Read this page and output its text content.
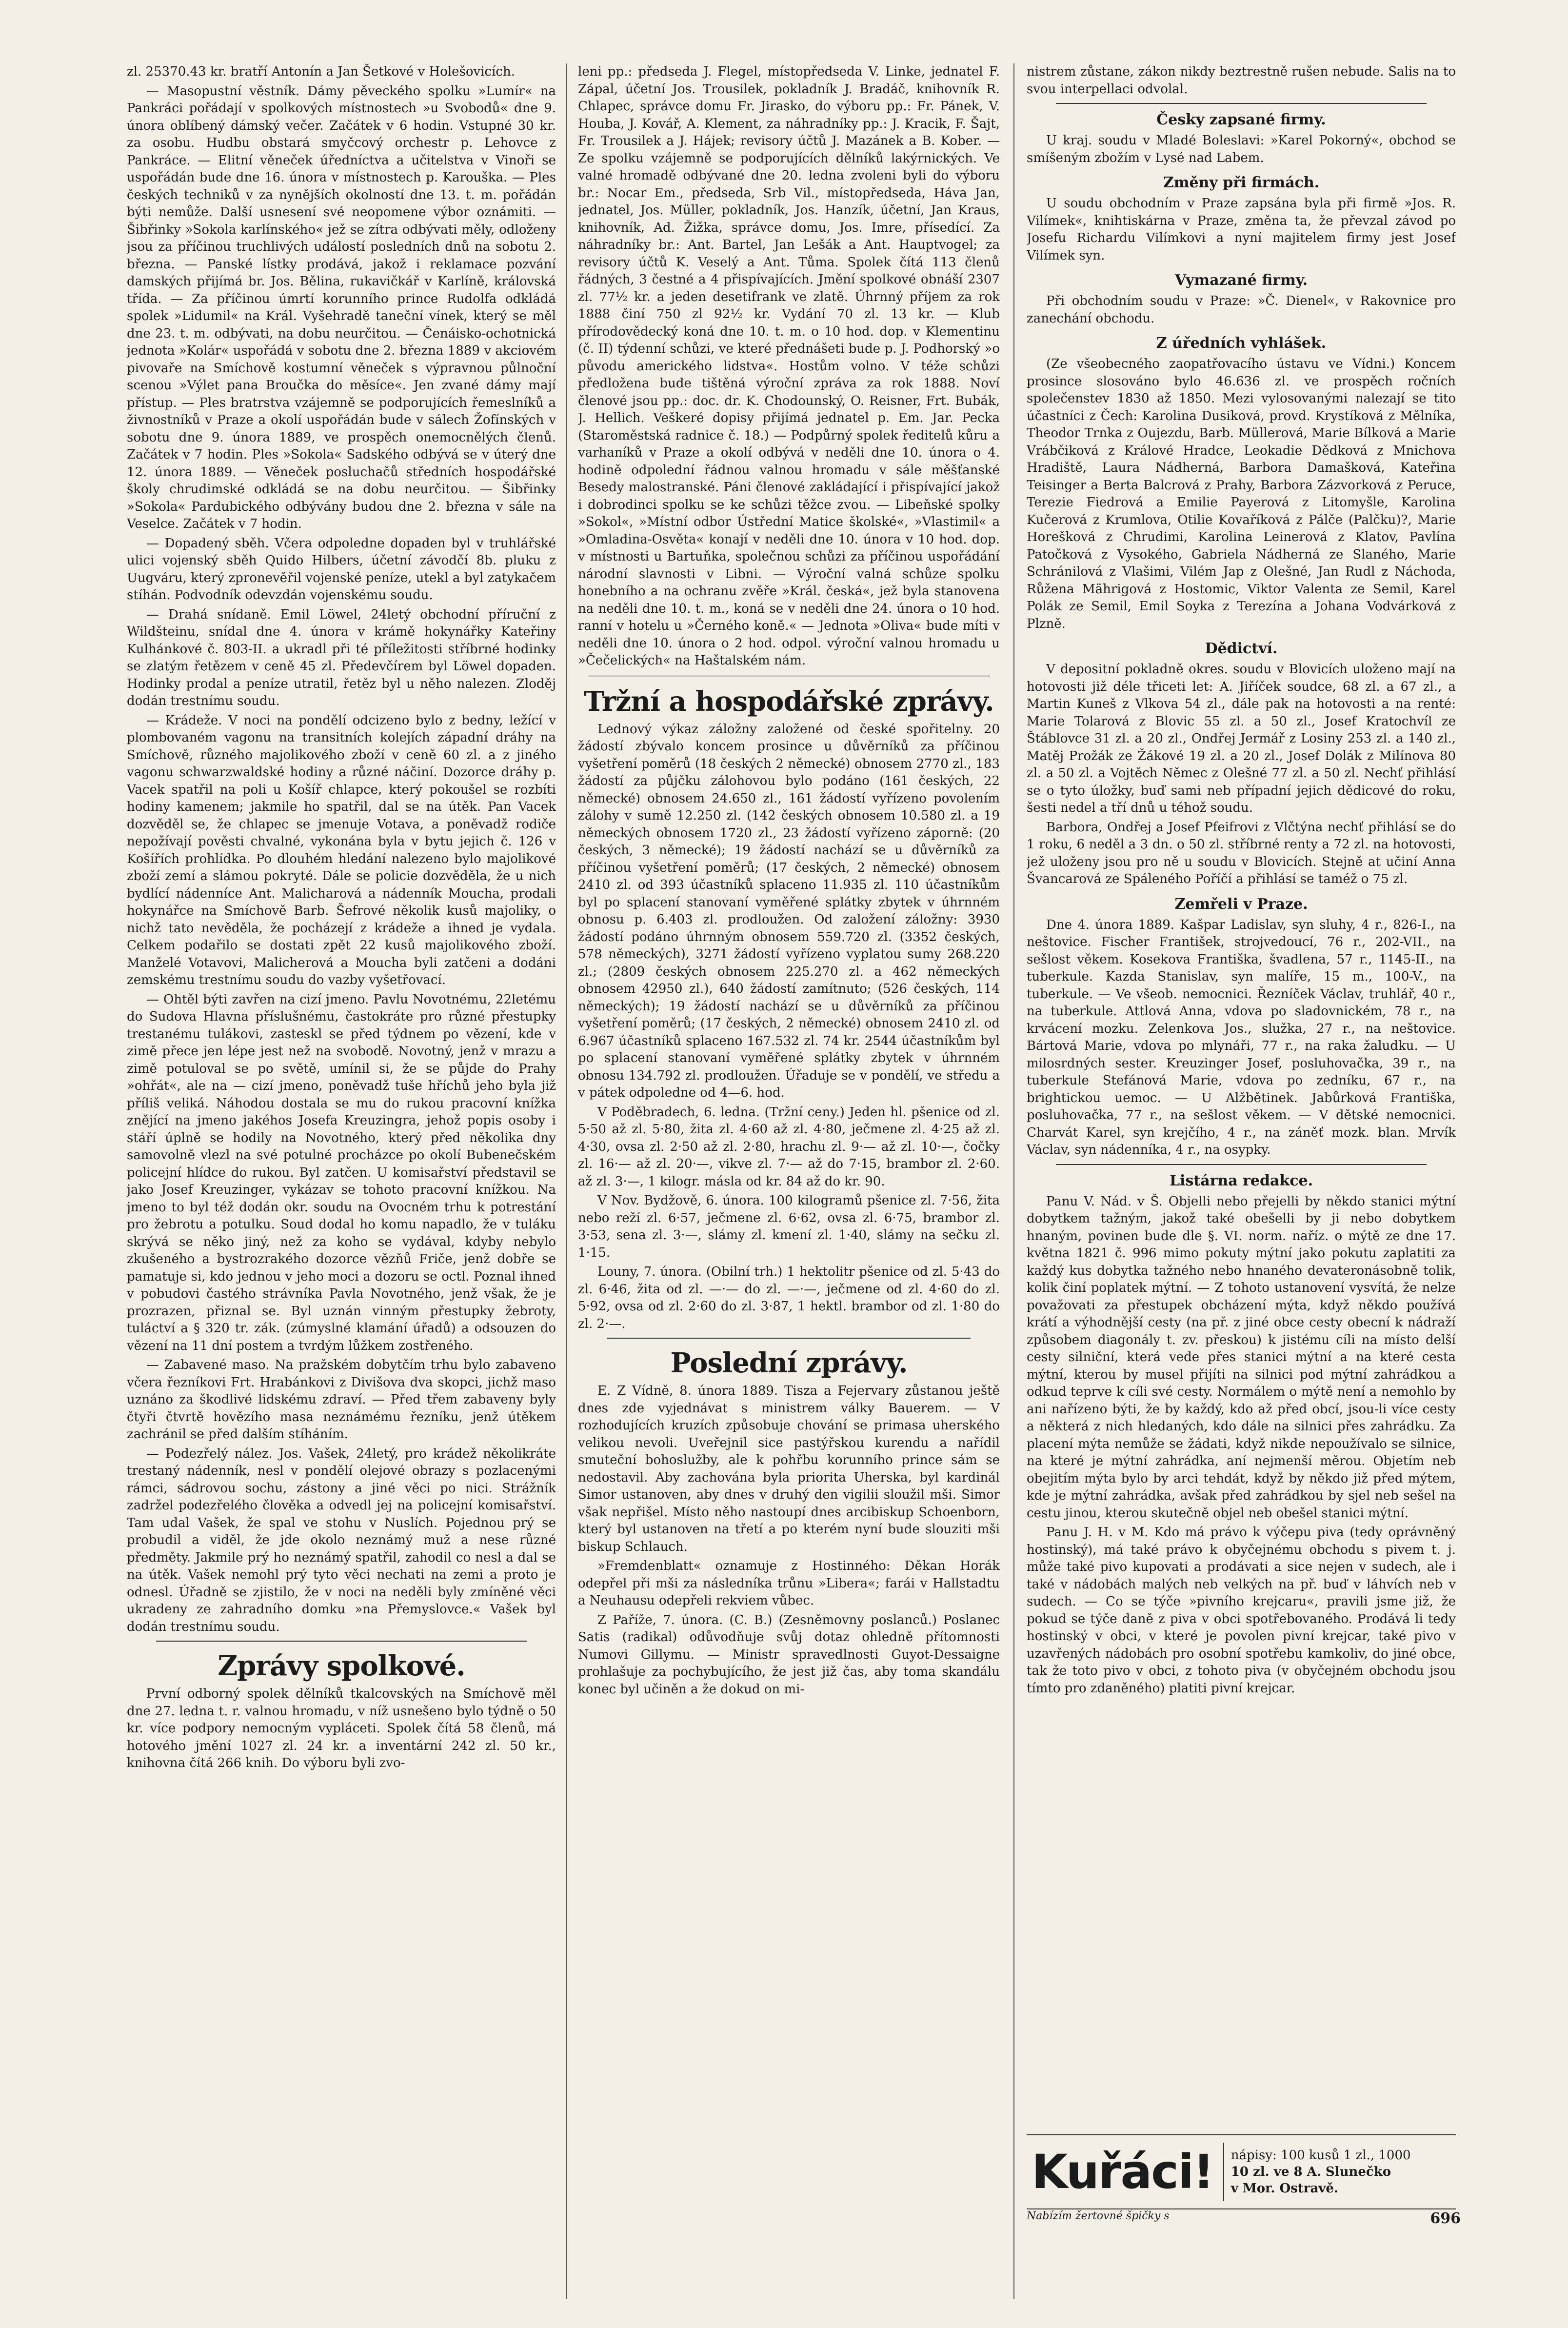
zl. 25370.43 kr. bratří Antonín a Jan Šetkové v Holešovicích.

— Masopustní věstník. Dámy pěveckého spolku »Lumír« na Pankráci pořádají v spolkových místnostech »u Svobodů« dne 9. února oblíbený dámský večer. Začátek v 6 hodin. Vstupné 30 kr. za osobu. Hudbu obstará smyčcový orchestr p. Lehovce z Pankráce. — Elitní věneček úředníctva a učitelstva v Vinoři se uspořádán bude dne 16. února v místnostech p. Karouška. — Ples českých techniků v za nynějších okolností dne 13. t. m. pořádán býti nemůže. Další usnesení své neopomene výbor oznámiti. — Šibřinky »Sokola karlínského« jež se zítra odbývati měly, odloženy jsou za příčinou truchlivých událostí posledních dnů na sobotu 2. března. — Panské lístky prodává, jakož i reklamace pozvání damských přijímá br. Jos. Bělina, rukavičkář v Karlíně, královská třída. — Za příčinou úmrtí korunního prince Rudolfa odkládá spolek »Lidumil« na Král. Vyšehradě taneční vínek, který se měl dne 23. t. m. odbývati, na dobu neurčitou. — Čenáisko-ochotnická jednota »Kolár« uspořádá v sobotu dne 2. března 1889 v akciovém pivovaře na Smíchově kostumní věneček s výpravnou půlnoční scenou »Výlet pana Broučka do měsíce«. Jen zvané dámy mají přístup. — Ples bratrstva vzájemně se podporujících řemeslníků a živnostníků v Praze a okolí uspořádán bude v sálech Žofínských v sobotu dne 9. února 1889, ve prospěch onemocnělých členů. Začátek v 7 hodin. Ples »Sokola« Sadského odbývá se v úterý dne 12. února 1889. — Věneček posluchačů středních hospodářské školy chrudimské odkládá se na dobu neurčitou. — Šibřinky »Sokola« Pardubického odbývány budou dne 2. března v sále na Veselce. Začátek v 7 hodin.

— Dopadený sběh. Včera odpoledne dopaden byl v truhlářské ulici vojenský sběh Quido Hilbers, účetní závodčí 8b. pluku z Uugváru, který zpronevěřil vojenské peníze, utekl a byl zatykačem stíhán. Podvodník odevzdán vojenskému soudu.

— Drahá snídaně. Emil Löwel, 24letý obchodní příruční z Wildšteinu, snídal dne 4. února v krámě hokynářky Kateřiny Kulhánkové č. 803-II. a ukradl při té příležitosti stříbrné hodinky se zlatým řetězem v ceně 45 zl. Předevčírem byl Löwel dopaden. Hodinky prodal a peníze utratil, řetěz byl u něho nalezen. Zloděj dodán trestnímu soudu.

— Krádeže. V noci na pondělí odcizeno bylo z bedny, ležící v plombovaném vagonu na transitních kolejích západní dráhy na Smíchově, různého majolikového zboží v ceně 60 zl. a z jiného vagonu schwarzwaldské hodiny a různé náčiní. Dozorce dráhy p. Vacek spatřil na poli u Košíř chlapce, který pokoušel se rozbíti hodiny kamenem; jakmile ho spatřil, dal se na útěk. Pan Vacek dozvěděl se, že chlapec se jmenuje Votava, a poněvadž rodiče nepožívají pověsti chvalné, vykonána byla v bytu jejich č. 126 v Košířích prohlídka. Po dlouhém hledání nalezeno bylo majolikové zboží zemí a slámou pokryté. Dále se policie dozvěděla, že u nich bydlící nádenníce Ant. Malicharová a nádenník Moucha, prodali hokynářce na Smíchově Barb. Šefrové několik kusů majoliky, o nichž tato nevěděla, že pocházejí z krádeže a ihned je vydala. Celkem podařilo se dostati zpět 22 kusů majolikového zboží. Manželé Votavovi, Malicherová a Moucha byli zatčeni a dodáni zemskému trestnímu soudu do vazby vyšetřovací.

— Ohtěl býti zavřen na cizí jmeno. Pavlu Novotnému, 22letému do Sudova Hlavna příslušnému, častokráte pro různé přestupky trestanému tulákovi, zasteskl se před týdnem po vězení, kde v zimě přece jen lépe jest než na svobodě. Novotný, jenž v mrazu a zimě potuloval se po světě, umínil si, že se půjde do Prahy »ohřát«, ale na — cizí jmeno, poněvadž tuše hříchů jeho byla již příliš veliká. Náhodou dostala se mu do rukou pracovní knížka znějící na jmeno jakéhos Josefa Kreuzingra, jehož popis osoby i stáří úplně se hodily na Novotného, který před několika dny samovolně vlezl na své potulné procházce po okolí Bubenečském policejní hlídce do rukou. Byl zatčen. U komisařství představil se jako Josef Kreuzinger, vykázav se tohoto pracovní knížkou. Na jmeno to byl též dodán okr. soudu na Ovocném trhu k potrestání pro žebrotu a potulku. Soud dodal ho komu napadlo, že v tuláku skrývá se něko jiný, než za koho se vydával, kdyby nebylo zkušeného a bystrozrakého dozorce vězňů Friče, jenž dobře se pamatuje si, kdo jednou v jeho moci a dozoru se octl. Poznal ihned v pobudovi častého strávníka Pavla Novotného, jenž však, že je prozrazen, přiznal se. Byl uznán vinným přestupky žebroty, tuláctví a § 320 tr. zák. (zúmyslné klamání úřadů) a odsouzen do vězení na 11 dní postem a tvrdým lůžkem zostřeného.

— Zabavené maso. Na pražském dobytčím trhu bylo zabaveno včera řezníkovi Frt. Hrabánkovi z Divišova dva skopci, jichž maso uznáno za škodlivé lidskému zdraví. — Před třem zabaveny byly čtyři čtvrtě hovězího masa neznámému řezníku, jenž útěkem zachránil se před dalším stíháním.

— Podezřelý nález. Jos. Vašek, 24letý, pro krádež několikráte trestaný nádenník, nesl v pondělí olejové obrazy s pozlacenými rámci, sádrovou sochu, zástony a jiné věci po nici. Strážník zadržel podezřelého člověka a odvedl jej na policejní komisařství. Tam udal Vašek, že spal ve stohu v Nuslích. Pojednou prý se probudil a viděl, že jde okolo neznámý muž a nese různé předměty. Jakmile prý ho neznámý spatřil, zahodil co nesl a dal se na útěk. Vašek nemohl prý tyto věci nechati na zemi a proto je odnesl. Úřadně se zjistilo, že v noci na neděli byly zmíněné věci ukradeny ze zahradního domku »na Přemyslovce.« Vašek byl dodán trestnímu soudu.

Zprávy spolkové.

První odborný spolek dělníků tkalcovských na Smíchově měl dne 27. ledna t. r. valnou hromadu, v níž usnešeno bylo týdně o 50 kr. více podpory nemocným vypláceti. Spolek čítá 58 členů, má hotového jmění 1027 zl. 24 kr. a inventární 242 zl. 50 kr., knihovna čítá 266 knih. Do výboru byli zvo-

leni pp.: předseda J. Flegel, místopředseda V. Linke, jednatel F. Zápal, účetní Jos. Trousilek, pokladník J. Bradáč, knihovník R. Chlapec, správce domu Fr. Jirasko, do výboru pp.: Fr. Pánek, V. Houba, J. Kovář, A. Klement, za náhradníky pp.: J. Kracik, F. Šajt, Fr. Trousilek a J. Hájek; revisory účtů J. Mazánek a B. Kober. — Ze spolku vzájemně se podporujících dělníků lakýrnických. Ve valné hromadě odbývané dne 20. ledna zvoleni byli do výboru br.: Nocar Em., předseda, Srb Vil., místopředseda, Háva Jan, jednatel, Jos. Müller, pokladník, Jos. Hanzík, účetní, Jan Kraus, knihovník, Ad. Žižka, správce domu, Jos. Imre, přísedící. Za náhradníky br.: Ant. Bartel, Jan Lešák a Ant. Hauptvogel; za revisory účtů K. Veselý a Ant. Tůma. Spolek čítá 113 členů řádných, 3 čestné a 4 přispívajících. Jmění spolkové obnáší 2307 zl. 77½ kr. a jeden desetifrank ve zlatě. Úhrnný příjem za rok 1888 činí 750 zl 92½ kr. Vydání 70 zl. 13 kr. — Klub přírodovědecký koná dne 10. t. m. o 10 hod. dop. v Klementinu (č. II) týdenní schůzi, ve které přednášeti bude p. J. Podhorský »o původu amerického lidstva«. Hostům volno. V téže schůzi předložena bude tištěná výroční zpráva za rok 1888. Noví členové jsou pp.: doc. dr. K. Chodounský, O. Reisner, Frt. Bubák, J. Hellich. Veškeré dopisy přijímá jednatel p. Em. Jar. Pecka (Staroměstská radnice č. 18.) — Podpůrný spolek ředitelů kůru a varhaníků v Praze a okolí odbývá v neděli dne 10. února o 4. hodině odpolední řádnou valnou hromadu v sále měšťanské Besedy malostranské. Páni členové zakládající i přispívající jakož i dobrodinci spolku se ke schůzi těžce zvou. — Libeňské spolky »Sokol«, »Místní odbor Ústřední Matice školské«, »Vlastimil« a »Omladina-Osvěta« konají v neděli dne 10. února v 10 hod. dop. v místnosti u Bartuňka, společnou schůzi za příčinou uspořádání národní slavnosti v Libni. — Výroční valná schůze spolku honebního a na ochranu zvěře »Král. česká«, jež byla stanovena na neděli dne 10. t. m., koná se v neděli dne 24. února o 10 hod. ranní v hotelu u »Černého koně.« — Jednota »Oliva« bude míti v neděli dne 10. února o 2 hod. odpol. výroční valnou hromadu u »Čečelických« na Haštalském nám.

Tržní a hospodářské zprávy.

Lednový výkaz záložny založené od české spořitelny. 20 žádostí zbývalo koncem prosince u důvěrníků za příčinou vyšetření poměrů (18 českých 2 německé) obnosem 2770 zl., 183 žádostí za půjčku zálohovou bylo podáno (161 českých, 22 německé) obnosem 24.650 zl., 161 žádostí vyřízeno povolením zálohy v sumě 12.250 zl. (142 českých obnosem 10.580 zl. a 19 německých obnosem 1720 zl., 23 žádostí vyřízeno záporně: (20 českých, 3 německé); 19 žádostí nachází se u důvěrníků za příčinou vyšetření poměrů; (17 českých, 2 německé) obnosem 2410 zl. od 393 účastníků splaceno 11.935 zl. 110 účastníkům byl po splacení stanovaní vyměřené splátky zbytek v úhrnném obnosu p. 6.403 zl. prodloužen. Od založení záložny: 3930 žádostí podáno úhrnným obnosem 559.720 zl. (3352 českých, 578 německých), 3271 žádostí vyřízeno vyplatou sumy 268.220 zl.; (2809 českých obnosem 225.270 zl. a 462 německých obnosem 42950 zl.), 640 žádostí zamítnuto; (526 českých, 114 německých); 19 žádostí nachází se u důvěrníků za příčinou vyšetření poměrů; (17 českých, 2 německé) obnosem 2410 zl. od 6.967 účastníků splaceno 167.532 zl. 74 kr. 2544 účastníkům byl po splacení stanovaní vyměřené splátky zbytek v úhrnném obnosu 134.792 zl. prodloužen. Úřaduje se v pondělí, ve středu a v pátek odpoledne od 4—6. hod.

V Poděbradech, 6. ledna. (Tržní ceny.) Jeden hl. pšenice od zl. 5·50 až zl. 5·80, žita zl. 4·60 až zl. 4·80, ječmene zl. 4·25 až zl. 4·30, ovsa zl. 2·50 až zl. 2·80, hrachu zl. 9·— až zl. 10·—, čočky zl. 16·— až zl. 20·—, vikve zl. 7·— až do 7·15, brambor zl. 2·60. až zl. 3·—, 1 kilogr. másla od kr. 84 až do kr. 90.

V Nov. Bydžově, 6. února. 100 kilogramů pšenice zl. 7·56, žita nebo reží zl. 6·57, ječmene zl. 6·62, ovsa zl. 6·75, brambor zl. 3·53, sena zl. 3·—, slámy zl. kmení zl. 1·40, slámy na sečku zl. 1·15.

Louny, 7. února. (Obilní trh.) 1 hektolitr pšenice od zl. 5·43 do zl. 6·46, žita od zl. —·— do zl. —·—, ječmene od zl. 4·60 do zl. 5·92, ovsa od zl. 2·60 do zl. 3·87, 1 hektl. brambor od zl. 1·80 do zl. 2·—.

Poslední zprávy.

E. Z Vídně, 8. února 1889. Tisza a Fejervary zůstanou ještě dnes zde vyjednávat s ministrem války Bauerem. — V rozhodujících kruzích způsobuje chování se primasa uherského velikou nevoli. Uveřejnil sice pastýřskou kurendu a nařídil smuteční bohoslužby, ale k pohřbu korunního prince sám se nedostavil. Aby zachována byla priorita Uherska, byl kardinál Simor ustanoven, aby dnes v druhý den vigilii sloužil mši. Simor však nepřišel. Místo něho nastoupí dnes arcibiskup Schoenborn, který byl ustanoven na třetí a po kterém nyní bude slouziti mši biskup Schlauch.

»Fremdenblatt« oznamuje z Hostinného: Děkan Horák odepřel při mši za následníka trůnu »Libera«; farái v Hallstadtu a Neuhausu odepřeli rekviem vůbec.

Z Paříže, 7. února. (C. B.) (Zesněmovny poslanců.) Poslanec Satis (radikal) odůvodňuje svůj dotaz ohledně přítomnosti Numovi Gillymu. — Ministr spravedlnosti Guyot-Dessaigne prohlašuje za pochybujícího, že jest již čas, aby toma skandálu konec byl učiněn a že dokud on mi-

nistrem zůstane, zákon nikdy beztrestně rušen nebude. Salis na to svou interpellaci odvolal.

Česky zapsané firmy.

U kraj. soudu v Mladé Boleslavi: »Karel Pokorný«, obchod se smíšeným zbožím v Lysé nad Labem.

Změny při firmách.

U soudu obchodním v Praze zapsána byla při firmě »Jos. R. Vilímek«, knihtiskárna v Praze, změna ta, že převzal závod po Josefu Richardu Vilímkovi a nyní majitelem firmy jest Josef Vilímek syn.

Vymazané firmy.

Při obchodním soudu v Praze: »Č. Dienel«, v Rakovnice pro zanechání obchodu.

Z úředních vyhlášek.

(Ze všeobecného zaopatřovacího ústavu ve Vídni.) Koncem prosince slosováno bylo 46.636 zl. ve prospěch ročních společenstev 1830 až 1850. Mezi vylosovanými nalezají se tito účastníci z Čech: Karolina Dusiková, provd. Krystíková z Mělníka, Theodor Trnka z Oujezdu, Barb. Müllerová, Marie Bílková a Marie Vrábčiková z Králové Hradce, Leokadie Dědková z Mnichova Hradiště, Laura Nádherná, Barbora Damašková, Kateřina Teisinger a Berta Balcrová z Prahy, Barbora Zázvorková z Peruce, Terezie Fiedrová a Emilie Payerová z Litomyšle, Karolina Kučerová z Krumlova, Otilie Kovaříková z Pálče (Palčku)?, Marie Horešková z Chrudimi, Karolina Leinerová z Klatov, Pavlína Patočková z Vysokého, Gabriela Nádherná ze Slaného, Marie Schránilová z Vlašimi, Vilém Jap z Olešné, Jan Rudl z Náchoda, Růžena Mährigová z Hostomic, Viktor Valenta ze Semil, Karel Polák ze Semil, Emil Soyka z Terezína a Johana Vodvárková z Plzně.

Dědictví.

V depositní pokladně okres. soudu v Blovicích uloženo mají na hotovosti již déle třiceti let: A. Jiříček soudce, 68 zl. a 67 zl., a Martin Kuneš z Vlkova 54 zl., dále pak na hotovosti a na renté: Marie Tolarová z Blovic 55 zl. a 50 zl., Josef Kratochvíl ze Štáblovce 31 zl. a 20 zl., Ondřej Jermář z Losiny 253 zl. a 140 zl., Matěj Prožák ze Žákové 19 zl. a 20 zl., Josef Dolák z Milínova 80 zl. a 50 zl. a Vojtěch Němec z Olešné 77 zl. a 50 zl. Nechť přihlásí se o tyto úložky, buď sami neb případní jejich dědicové do roku, šesti nedel a tří dnů u téhož soudu.

Barbora, Ondřej a Josef Pfeifrovi z Vlčtýna nechť přihlásí se do 1 roku, 6 neděl a 3 dn. o 50 zl. stříbrné renty a 72 zl. na hotovosti, jež uloženy jsou pro ně u soudu v Blovicích. Stejně at učiní Anna Švancarová ze Spáleného Poříčí a přihlásí se taméž o 75 zl.

Zemřeli v Praze.

Dne 4. února 1889. Kašpar Ladislav, syn sluhy, 4 r., 826-I., na neštovice. Fischer František, strojvedoucí, 76 r., 202-VII., na sešlost věkem. Kosekova Františka, švadlena, 57 r., 1145-II., na tuberkule. Kazda Stanislav, syn malíře, 15 m., 100-V., na tuberkule. — Ve všeob. nemocnici. Řezníček Václav, truhlář, 40 r., na tuberkule. Attlová Anna, vdova po sladovnickém, 78 r., na krvácení mozku. Zelenkova Jos., služka, 27 r., na neštovice. Bártová Marie, vdova po mlynáři, 77 r., na raka žaludku. — U milosrdných sester. Kreuzinger Josef, posluhovačka, 39 r., na tuberkule Stefánová Marie, vdova po zedníku, 67 r., na brightickou uemoc. — U Alžbětinek. Jabůrková Františka, posluhovačka, 77 r., na sešlost věkem. — V dětské nemocnici. Charvát Karel, syn krejčího, 4 r., na záněť mozk. blan. Mrvík Václav, syn nádenníka, 4 r., na osypky.

Listárna redakce.

Panu V. Nád. v Š. Objelli nebo přejelli by někdo stanici mýtní dobytkem tažným, jakož také obešelli by ji nebo dobytkem hnaným, povinen bude dle §. VI. norm. naříz. o mýtě ze dne 17. května 1821 č. 996 mimo pokuty mýtní jako pokutu zaplatiti za každý kus dobytka tažného nebo hnaného devateronásobně tolik, kolik činí poplatek mýtní. — Z tohoto ustanovení vysvítá, že nelze považovati za přestupek obcházení mýta, když někdo používá krátí a výhodnější cesty (na př. z jiné obce cesty obecní k nádraží způsobem diagonály t. zv. přeskou) k jistému cíli na místo delší cesty silniční, která vede přes stanici mýtní a na které cesta mýtní, kterou by musel přijíti na silnici pod mýtní zahrádkou a odkud teprve k cíli své cesty. Normálem o mýtě není a nemohlo by ani nařízeno býti, že by každý, kdo až před obcí, jsou-li více cesty a některá z nich hledaných, kdo dále na silnici přes zahrádku. Za placení mýta nemůže se žádati, když nikde nepoužívalo se silnice, na které je mýtní zahrádka, aní nejmenší měrou. Objetím neb obejitím mýta bylo by arci tehdát, když by někdo již před mýtem, kde je mýtní zahrádka, avšak před zahrádkou by sjel neb sešel na cestu jinou, kterou skutečně objel neb obešel stanici mýtní.

Panu J. H. v M. Kdo má právo k výčepu piva (tedy oprávněný hostinský), má také právo k obyčejnému obchodu s pivem t. j. může také pivo kupovati a prodávati a sice nejen v sudech, ale i také v nádobách malých neb velkých na př. buď v láhvích neb v sudech. — Co se týče »pivního krejcaru«, pravili jsme již, že pokud se týče daně z piva v obci spotřebovaného. Prodává li tedy hostinský v obci, v které je povolen pivní krejcar, také pivo v uzavřených nádobách pro osobní spotřebu kamkoliv, do jiné obce, tak že toto pivo v obci, z tohoto piva (v obyčejném obchodu jsou tímto pro zdaněného) platiti pivní krejcar.

Kuřáci!	nápisy: 100 kusů 1 zl., 1000
10 zl. ve 8 A. Slunečko
v Mor. Ostravě.
Nabízím žertovné špičky s	696
